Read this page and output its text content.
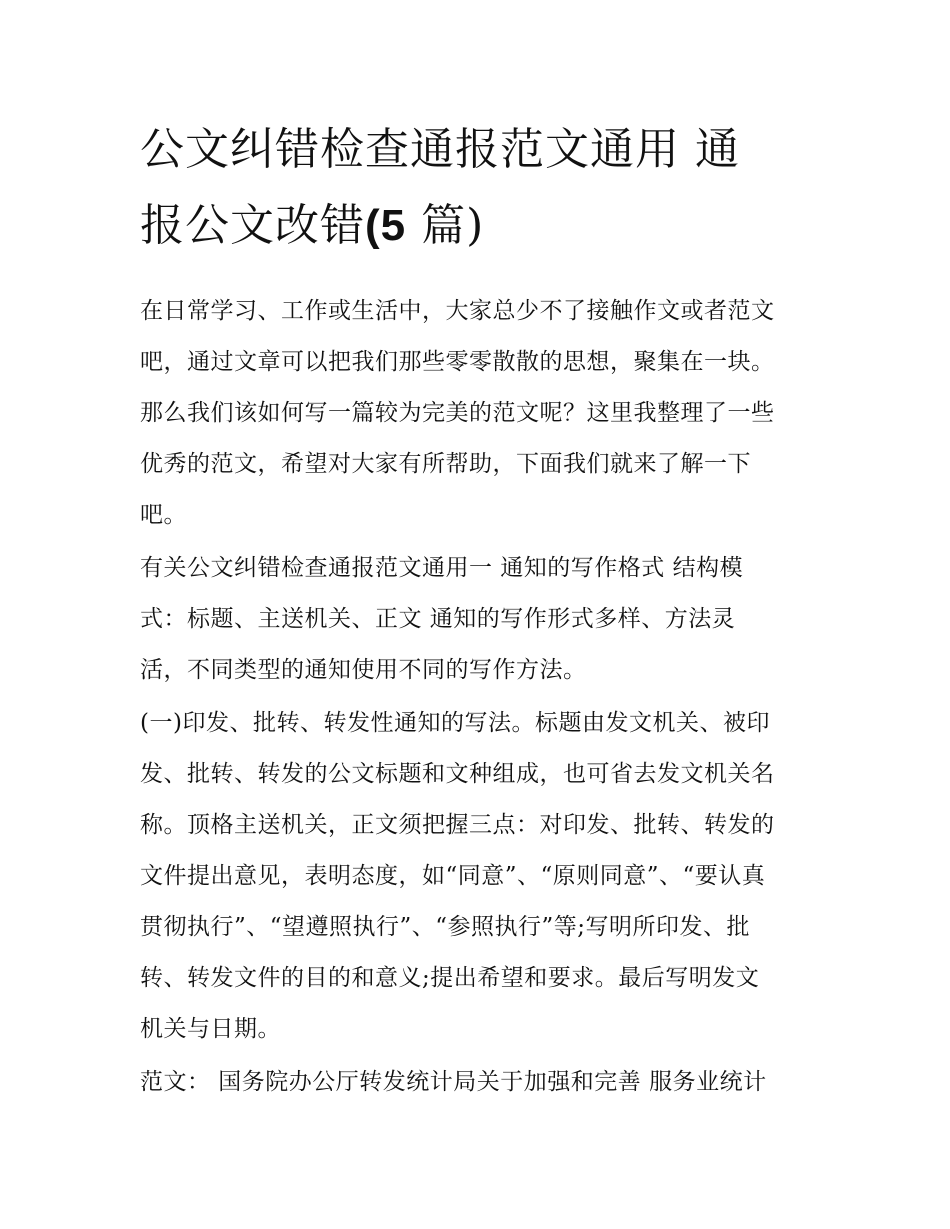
公文纠错检查通报范文通用 通
报公文改错(5 篇)

在日常学习、工作或生活中，大家总少不了接触作文或者范文
吧，通过文章可以把我们那些零零散散的思想，聚集在一块。
那么我们该如何写一篇较为完美的范文呢？这里我整理了一些
优秀的范文，希望对大家有所帮助，下面我们就来了解一下
吧。

有关公文纠错检查通报范文通用一 通知的写作格式 结构模
式：标题、主送机关、正文 通知的写作形式多样、方法灵
活，不同类型的通知使用不同的写作方法。

(一)印发、批转、转发性通知的写法。标题由发文机关、被印
发、批转、转发的公文标题和文种组成，也可省去发文机关名
称。顶格主送机关，正文须把握三点：对印发、批转、转发的
文件提出意见，表明态度，如“同意”、“原则同意”、“要认真
贯彻执行”、“望遵照执行”、“参照执行”等;写明所印发、批
转、转发文件的目的和意义;提出希望和要求。最后写明发文
机关与日期。

范文： 国务院办公厅转发统计局关于加强和完善 服务业统计
